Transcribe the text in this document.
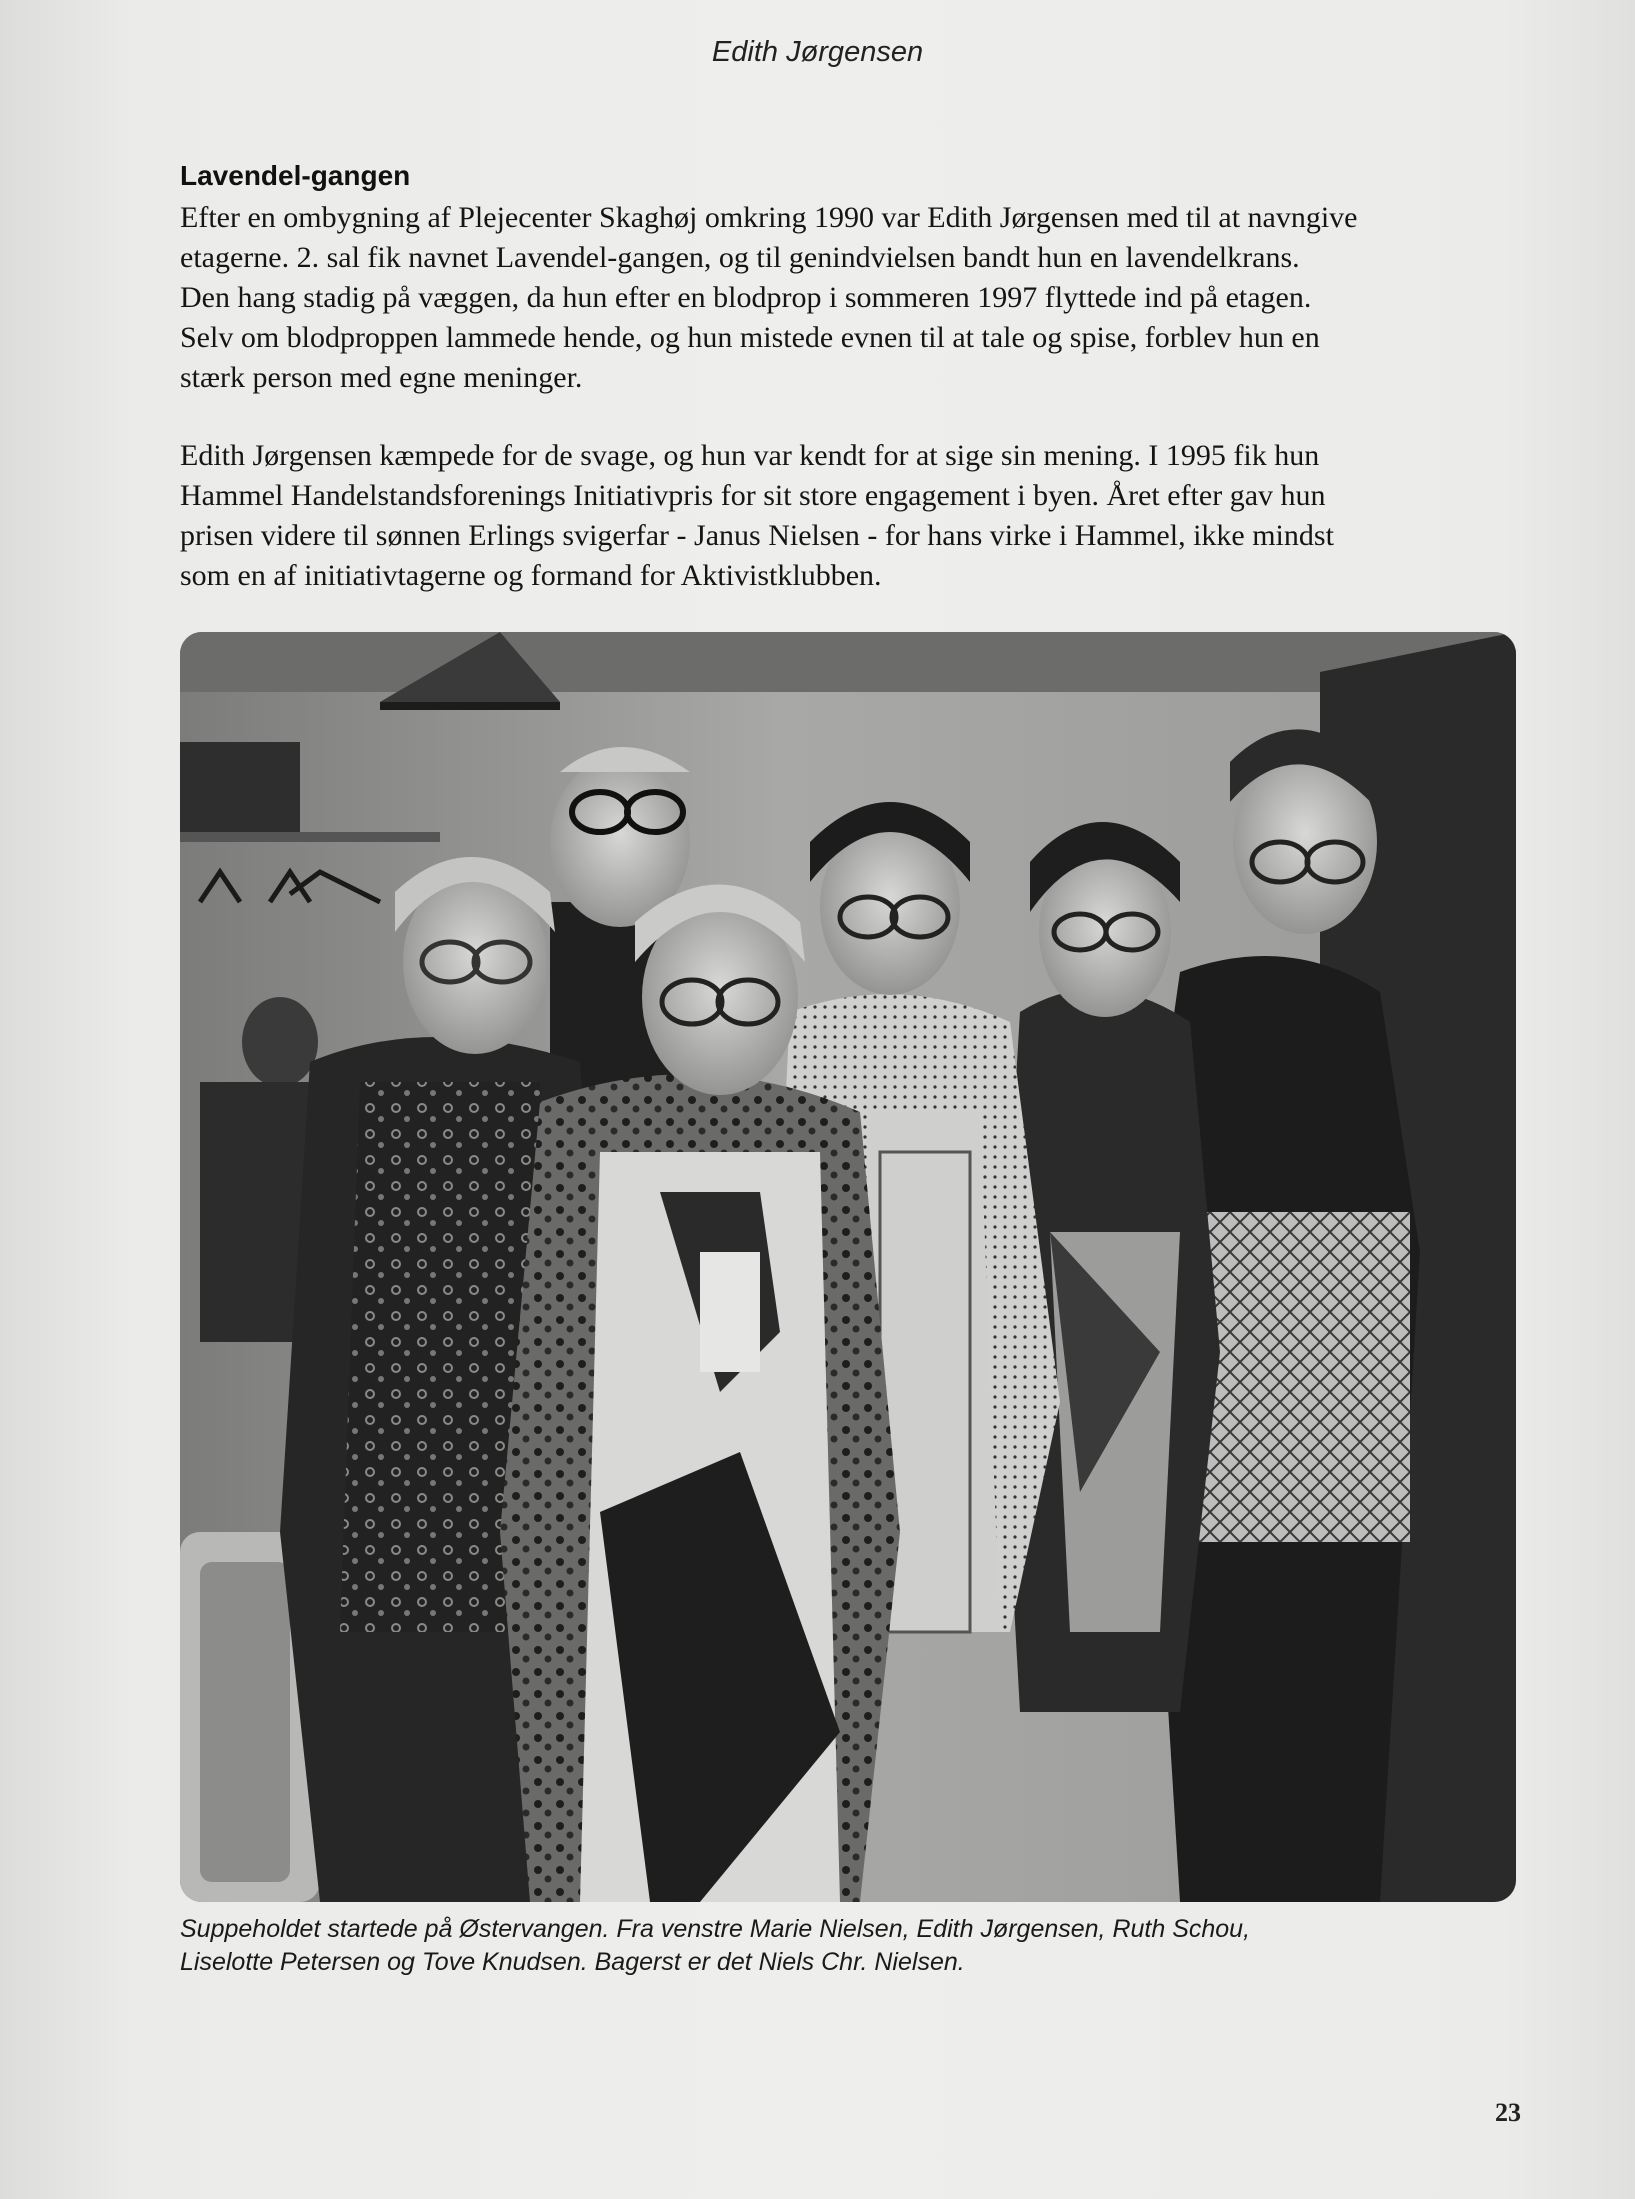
Edith Jørgensen
Lavendel-gangen
Efter en ombygning af Plejecenter Skaghøj omkring 1990 var Edith Jørgensen med til at navngive
etagerne. 2. sal fik navnet Lavendel-gangen, og til genindvielsen bandt hun en lavendelkrans.
Den hang stadig på væggen, da hun efter en blodprop i sommeren 1997 flyttede ind på etagen.
Selv om blodproppen lammede hende, og hun mistede evnen til at tale og spise, forblev hun en
stærk person med egne meninger.
Edith Jørgensen kæmpede for de svage, og hun var kendt for at sige sin mening. I 1995 fik hun
Hammel Handelstandsforenings Initiativpris for sit store engagement i byen. Året efter gav hun
prisen videre til sønnen Erlings svigerfar - Janus Nielsen - for hans virke i Hammel, ikke mindst
som en af initiativtagerne og formand for Aktivistklubben.
Suppeholdet startede på Østervangen. Fra venstre Marie Nielsen, Edith Jørgensen, Ruth Schou,
Liselotte Petersen og Tove Knudsen. Bagerst er det Niels Chr. Nielsen.
23
